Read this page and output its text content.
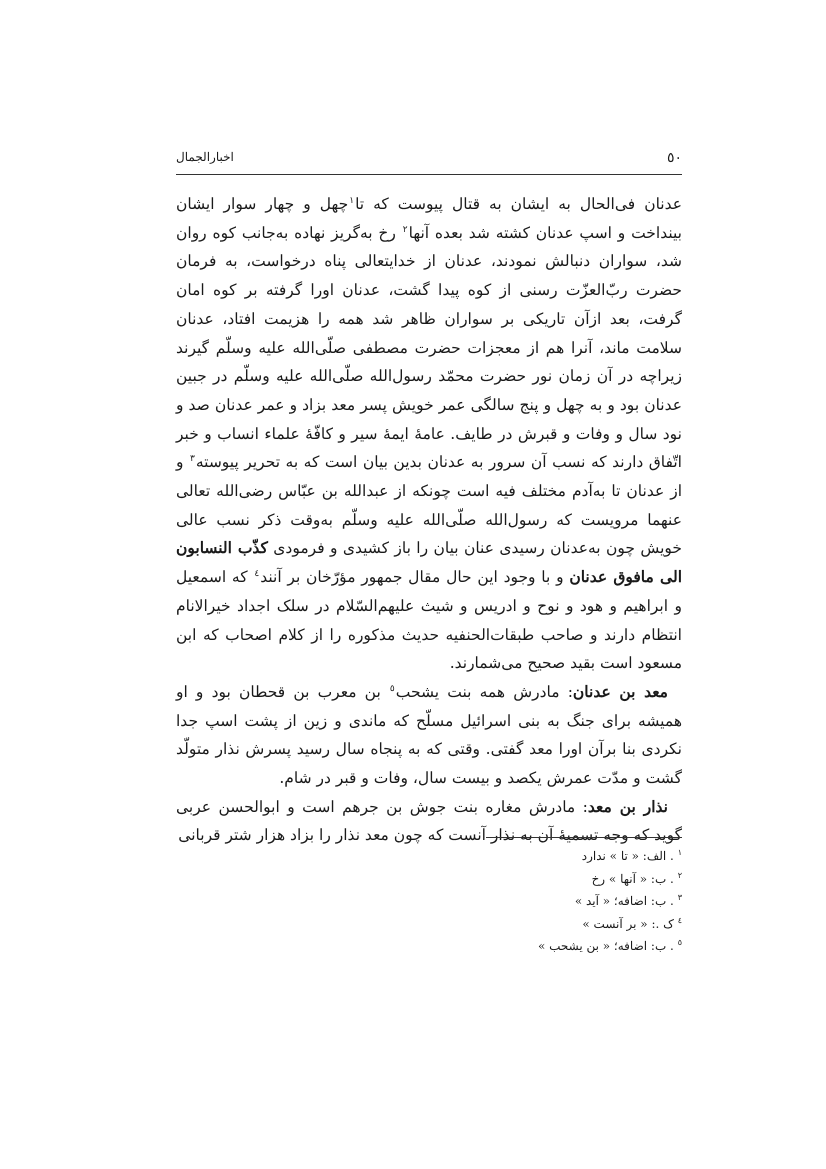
٥٠
اخبارالجمال

عدنان فی‌الحال به ایشان به قتال پیوست که تا$^١$چهل و چهار سوار ایشان بینداخت و اسپ عدنان کشته شد بعده آنها$^٢$ رخ به‌گریز نهاده به‌جانب کوه روان شد، سواران دنبالش نمودند، عدنان از خدایتعالی پناه درخواست، به فرمان حضرت ربّ‌العزّت رسنی از کوه پیدا گشت، عدنان اورا گرفته بر کوه امان گرفت، بعد ازآن تاریکی بر سواران ظاهر شد همه را هزیمت افتاد، عدنان سلامت ماند، آنرا هم از معجزات حضرت مصطفی صلّی‌الله علیه وسلّم گیرند زیراچه در آن زمان نور حضرت محمّد رسول‌الله صلّی‌الله علیه وسلّم در جبین عدنان بود و به چهل و پنج سالگی عمر خویش پسر معد بزاد و عمر عدنان صد و نود سال و وفات و قبرش در طایف. عامهٔ ایمهٔ سیر و کافّهٔ علماء انساب و خبر اتّفاق دارند که نسب آن سرور به عدنان بدین بیان است که به تحریر پیوسته$^٣$ و از عدنان تا به‌آدم مختلف فیه است چونکه از عبدالله بن عبّاس رضی‌الله تعالی عنهما مرویست که رسول‌الله صلّی‌الله علیه وسلّم به‌وقت ذکر نسب عالی خویش چون به‌عدنان رسیدی عنان بیان را باز کشیدی و فرمودی کذّب النسابون الی مافوق عدنان و با وجود این حال مقال جمهور مؤرّخان بر آنند$^٤$ که اسمعیل و ابراهیم و هود و نوح و ادریس و شیث علیهم‌السّلام در سلک اجداد خیرالانام انتظام دارند و صاحب طبقات‌الحنفیه حدیث مذکوره را از کلام اصحاب که ابن مسعود است بقید صحیح می‌شمارند.

معد بن عدنان: مادرش همه بنت یشحب$^٥$ بن معرب بن قحطان بود و او همیشه برای جنگ به بنی اسرائیل مسلّح که ماندی و زین از پشت اسپ جدا نکردی بنا برآن اورا معد گفتی. وقتی که به پنجاه سال رسید پسرش نذار متولّد گشت و مدّت عمرش یکصد و بیست سال، وفات و قبر در شام.

نذار بن معد: مادرش مغاره بنت جوش بن جرهم است و ابوالحسن عربی گوید که وجه تسمیهٔ آن به نذار آنست که چون معد نذار را بزاد هزار شتر قربانی

$^١$ . الف: « تا » ندارد
$^٢$ . ب: « آنها » رخ
$^٣$ . ب: اضافه؛ « آید »
$^٤$ ک .: « بر آنست »
$^٥$ . ب: اضافه؛ « بن یشحب »
